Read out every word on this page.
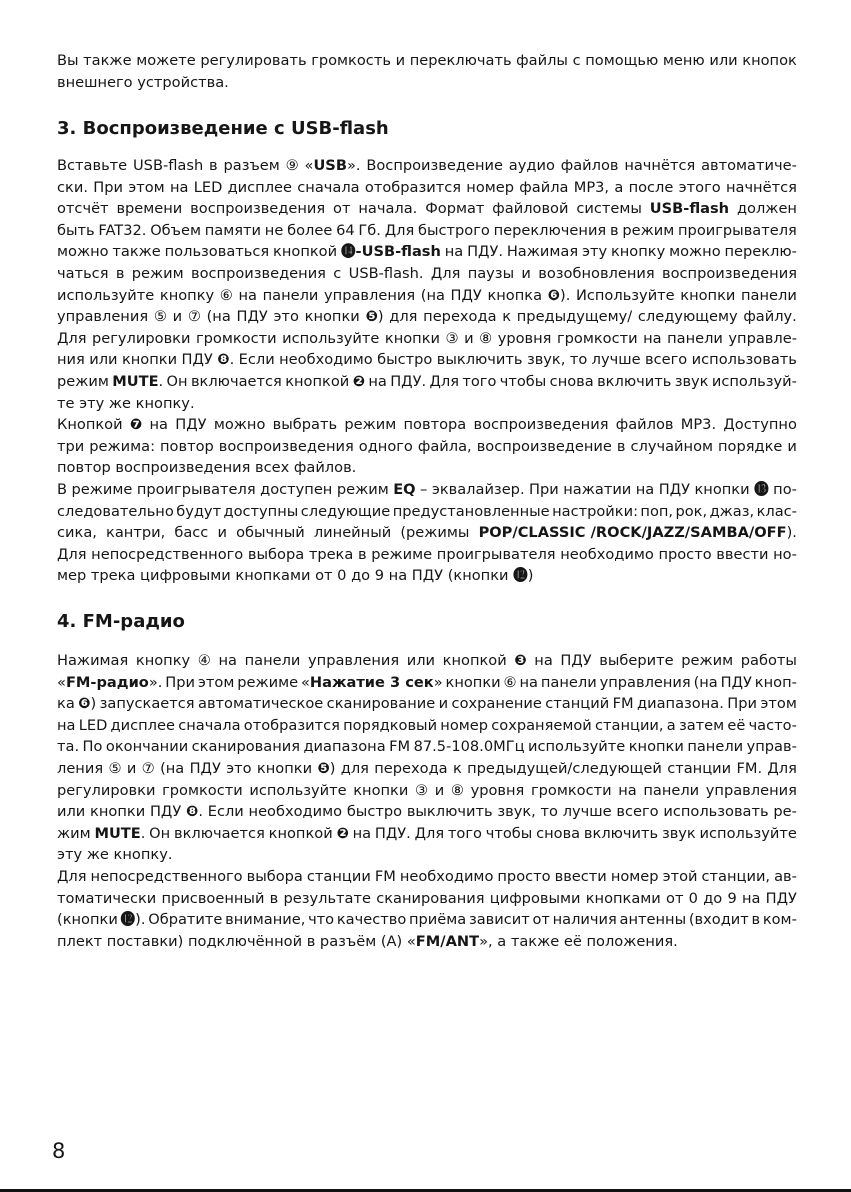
Вы также можете регулировать громкость и переключать файлы с помощью меню или кнопок
внешнего устройства.
3. Воспроизведение с USB-flash
Вставьте USB-flash в разъем ⑨ «USB». Воспроизведение аудио файлов начнётся автоматиче-
ски. При этом на LED дисплее сначала отобразится номер файла MP3, а после этого начнётся
отсчёт времени воспроизведения от начала. Формат файловой системы USB-flash должен
быть FAT32. Объем памяти не более 64 Гб. Для быстрого переключения в режим проигрывателя
можно также пользоваться кнопкой ⓮-USB-flash на ПДУ. Нажимая эту кнопку можно переклю-
чаться в режим воспроизведения с USB-flash. Для паузы и возобновления воспроизведения
используйте кнопку ⑥ на панели управления (на ПДУ кнопка ❻). Используйте кнопки панели
управления ⑤ и ⑦ (на ПДУ это кнопки ❺) для перехода к предыдущему/ следующему файлу.
Для регулировки громкости используйте кнопки ③ и ⑧ уровня громкости на панели управле-
ния или кнопки ПДУ ❽. Если необходимо быстро выключить звук, то лучше всего использовать
режим MUTE. Он включается кнопкой ❷ на ПДУ. Для того чтобы снова включить звук используй-
те эту же кнопку.
Кнопкой ❼ на ПДУ можно выбрать режим повтора воспроизведения файлов MP3. Доступно
три режима: повтор воспроизведения одного файла, воспроизведение в случайном порядке и
повтор воспроизведения всех файлов.
В режиме проигрывателя доступен режим EQ – эквалайзер. При нажатии на ПДУ кнопки ⓭ по-
следовательно будут доступны следующие предустановленные настройки: поп, рок, джаз, клас-
сика, кантри, басс и обычный линейный (режимы POP/CLASSIC /ROCK/JAZZ/SAMBA/OFF).
Для непосредственного выбора трека в режиме проигрывателя необходимо просто ввести но-
мер трека цифровыми кнопками от 0 до 9 на ПДУ (кнопки ⓬)
4. FM-радио
Нажимая кнопку ④ на панели управления или кнопкой ❸ на ПДУ выберите режим работы
«FM-радио». При этом режиме «Нажатие 3 сек» кнопки ⑥ на панели управления (на ПДУ кноп-
ка ❻) запускается автоматическое сканирование и сохранение станций FM диапазона. При этом
на LED дисплее сначала отобразится порядковый номер сохраняемой станции, а затем её часто-
та. По окончании сканирования диапазона FM 87.5-108.0МГц используйте кнопки панели управ-
ления ⑤ и ⑦ (на ПДУ это кнопки ❺) для перехода к предыдущей/следующей станции FM. Для
регулировки громкости используйте кнопки ③ и ⑧ уровня громкости на панели управления
или кнопки ПДУ ❽. Если необходимо быстро выключить звук, то лучше всего использовать ре-
жим MUTE. Он включается кнопкой ❷ на ПДУ. Для того чтобы снова включить звук используйте
эту же кнопку.
Для непосредственного выбора станции FM необходимо просто ввести номер этой станции, ав-
томатически присвоенный в результате сканирования цифровыми кнопками от 0 до 9 на ПДУ
(кнопки ⓬). Обратите внимание, что качество приёма зависит от наличия антенны (входит в ком-
плект поставки) подключённой в разъём (А) «FM/ANT», а также её положения.
8
